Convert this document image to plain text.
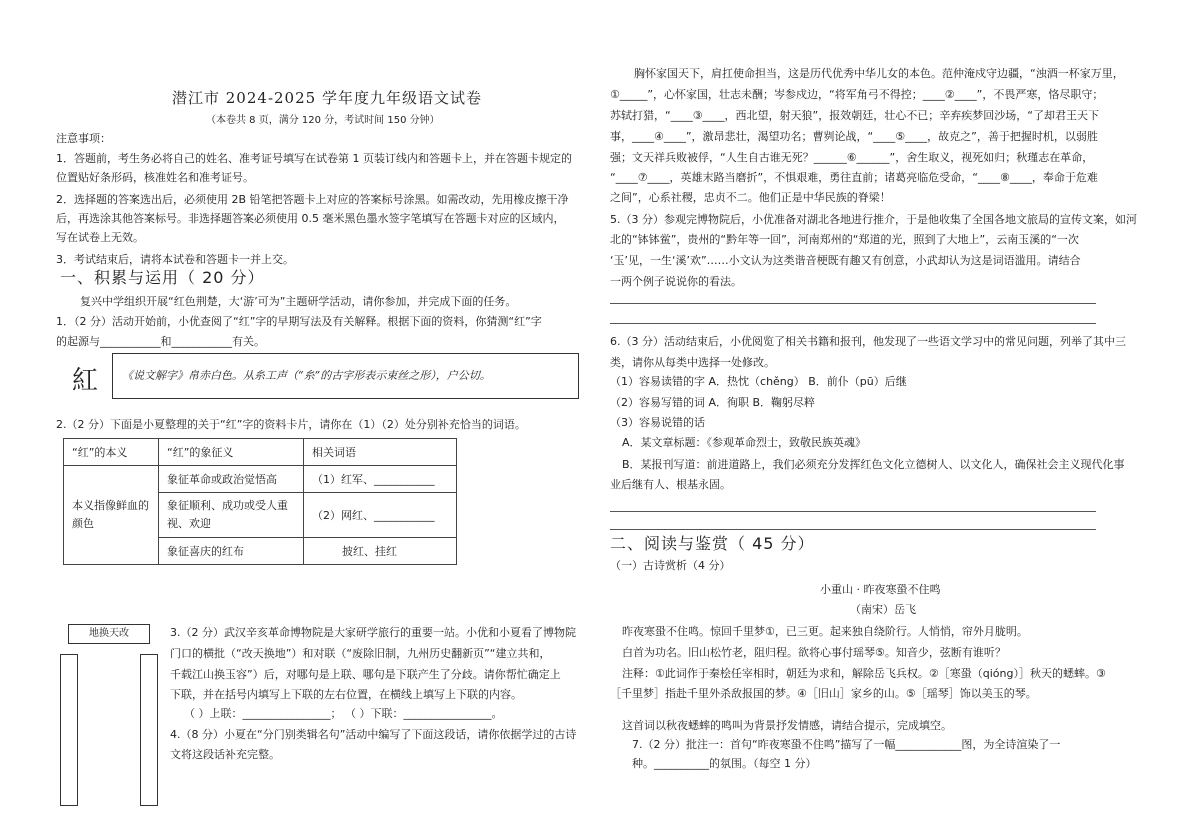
潜江市 2024-2025 学年度九年级语文试卷
（本卷共 8 页，满分 120 分，考试时间 150 分钟）
注意事项：
1．答题前，考生务必将自己的姓名、准考证号填写在试卷第 1 页装订线内和答题卡上，并在答题卡规定的
位置贴好条形码，核准姓名和准考证号。
2．选择题的答案选出后，必须使用 2B 铅笔把答题卡上对应的答案标号涂黑。如需改动，先用橡皮擦干净
后，再选涂其他答案标号。非选择题答案必须使用 0.5 毫米黑色墨水签字笔填写在答题卡对应的区域内，
写在试卷上无效。
3．考试结束后，请将本试卷和答题卡一并上交。
一、积累与运用（ 20 分）
复兴中学组织开展“红色荆楚，大‘游’可为”主题研学活动，请你参加，并完成下面的任务。
1．（2 分）活动开始前，小优查阅了“红”字的早期写法及有关解释。根据下面的资料，你猜测“红”字
的起源与___________和___________有关。
紅 《说文解字》帛赤白色。从糸工声（“糸”的古字形表示束丝之形），户公切。
2.（2 分）下面是小夏整理的关于“红”字的资料卡片，请你在（1）（2）处分别补充恰当的词语。
“红”的本义	“红”的象征义	相关词语
本义指像鲜血的颜色	象征革命或政治觉悟高	（1）红军、___________
	象征顺利、成功或受人重视、欢迎	（2）网红、___________
	象征喜庆的红布	披红、挂红
地换天改	3.（2 分）武汉辛亥革命博物院是大家研学旅行的重要一站。小优和小夏看了博物院
门口的横批（“改天换地”）和对联（“废除旧制，九州历史翻新页”“建立共和，
千载江山换玉容”）后，对哪句是上联、哪句是下联产生了分歧。请你帮忙确定上
下联，并在括号内填写上下联的左右位置，在横线上填写上下联的内容。
（ ）上联：________________； （ ）下联：________________。
4.（8 分）小夏在“分门别类辑名句”活动中编写了下面这段话，请你依据学过的古诗
文将这段话补充完整。
胸怀家国天下，肩扛使命担当，这是历代优秀中华儿女的本色。范仲淹戍守边疆，“浊酒一杯家万里，
①_____”，心怀家国，壮志未酬；岑参戍边，“将军角弓不得控；____②____”，不畏严寒，恪尽职守；
苏轼打猎，“____③____，西北望，射天狼”，报效朝廷，壮心不已；辛弃疾梦回沙场，“了却君王天下
事，____④____”，激昂悲壮，渴望功名；曹刿论战，“____⑤____，故克之”，善于把握时机，以弱胜
强；文天祥兵败被俘，“人生自古谁无死？______⑥______”，舍生取义，视死如归；秋瑾志在革命，
“____⑦____，英雄末路当磨折”，不惧艰难，勇往直前；诸葛亮临危受命，“____⑧____，奉命于危难
之间”，心系社稷，忠贞不二。他们正是中华民族的脊梁！
5.（3 分）参观完博物院后，小优准备对湖北各地进行推介，于是他收集了全国各地文旅局的宣传文案，如河
北的“钵钵鲎”，贵州的“黔年等一回”，河南郑州的“郑道的光，照到了大地上”，云南玉溪的“一次
‘玉’见，一生‘溪’欢”……小文认为这类谐音梗既有趣又有创意，小武却认为这是词语滥用。请结合
一两个例子说说你的看法。
6.（3 分）活动结束后，小优阅览了相关书籍和报刊，他发现了一些语文学习中的常见问题，列举了其中三
类，请你从每类中选择一处修改。
（1）容易读错的字 A．热忱（chěng） B．前仆（pū）后继
（2）容易写错的词 A．徇职 B．鞠躬尽粹
（3）容易说错的话
A．某文章标题：《参观革命烈士，致敬民族英魂》
B．某报刊写道：前进道路上，我们必须充分发挥红色文化立德树人、以文化人，确保社会主义现代化事
业后继有人、根基永固。
二、阅读与鉴赏（ 45 分）
（一）古诗赏析（4 分）
小重山 · 昨夜寒蛩不住鸣
（南宋）岳飞
昨夜寒蛩不住鸣。惊回千里梦①，已三更。起来独自绕阶行。人悄悄，帘外月胧明。
白首为功名。旧山松竹老，阻归程。欲将心事付瑶琴⑤。知音少，弦断有谁听？
注释：①此词作于秦桧任宰相时，朝廷为求和，解除岳飞兵权。②［寒蛩（qióng）］秋天的蟋蟀。③
［千里梦］指赴千里外杀敌报国的梦。④［旧山］家乡的山。⑤［瑶琴］饰以美玉的琴。
这首词以秋夜蟋蟀的鸣叫为背景抒发情感，请结合提示，完成填空。
7.（2 分）批注一：首句“昨夜寒蛩不住鸣”描写了一幅____________图，为全诗渲染了一
种。__________的氛围。（每空 1 分）
